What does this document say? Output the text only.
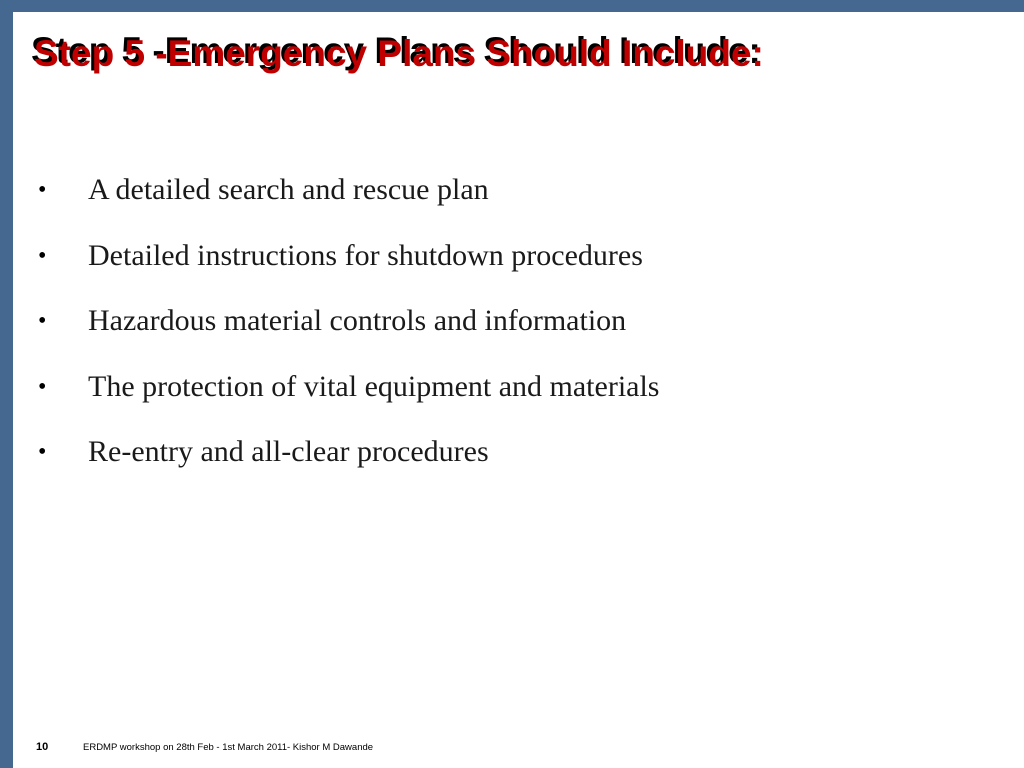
Step 5 -Emergency Plans Should Include:
• A detailed search and rescue plan
• Detailed instructions for shutdown procedures
• Hazardous material controls and information
• The protection of vital equipment and materials
• Re-entry and all-clear procedures
10	ERDMP workshop on 28th Feb - 1st March 2011- Kishor M Dawande
